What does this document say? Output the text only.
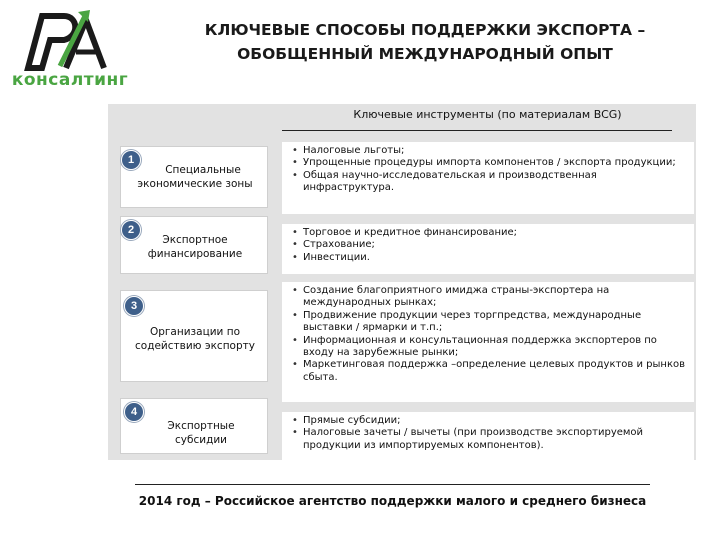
консалтинг
КЛЮЧЕВЫЕ СПОСОБЫ ПОДДЕРЖКИ ЭКСПОРТА –
ОБОБЩЕННЫЙ МЕЖДУНАРОДНЫЙ ОПЫТ
Ключевые инструменты (по материалам BCG)
Специальные
экономические зоны
1
• Налоговые льготы;
• Упрощенные процедуры импорта компонентов / экспорта продукции;
• Общая научно-исследовательская и производственная инфраструктура.
Экспортное
финансирование
2
•	Торговое и кредитное финансирование;
• Страхование;
• Инвестиции.
Организации по
содействию экспорту
3
• Создание благоприятного имиджа страны-экспортера на международных рынках;
• Продвижение продукции через торгпредства, международные выставки / ярмарки и т.п.;
• Информационная и консультационная поддержка экспортеров по входу на зарубежные рынки;
• Маркетинговая поддержка –определение целевых продуктов и рынков сбыта.
Экспортные
субсидии
4
• Прямые субсидии;
• Налоговые зачеты / вычеты (при производстве экспортируемой продукции из импортируемых компонентов).
2014 год – Российское агентство поддержки малого и среднего бизнеса
